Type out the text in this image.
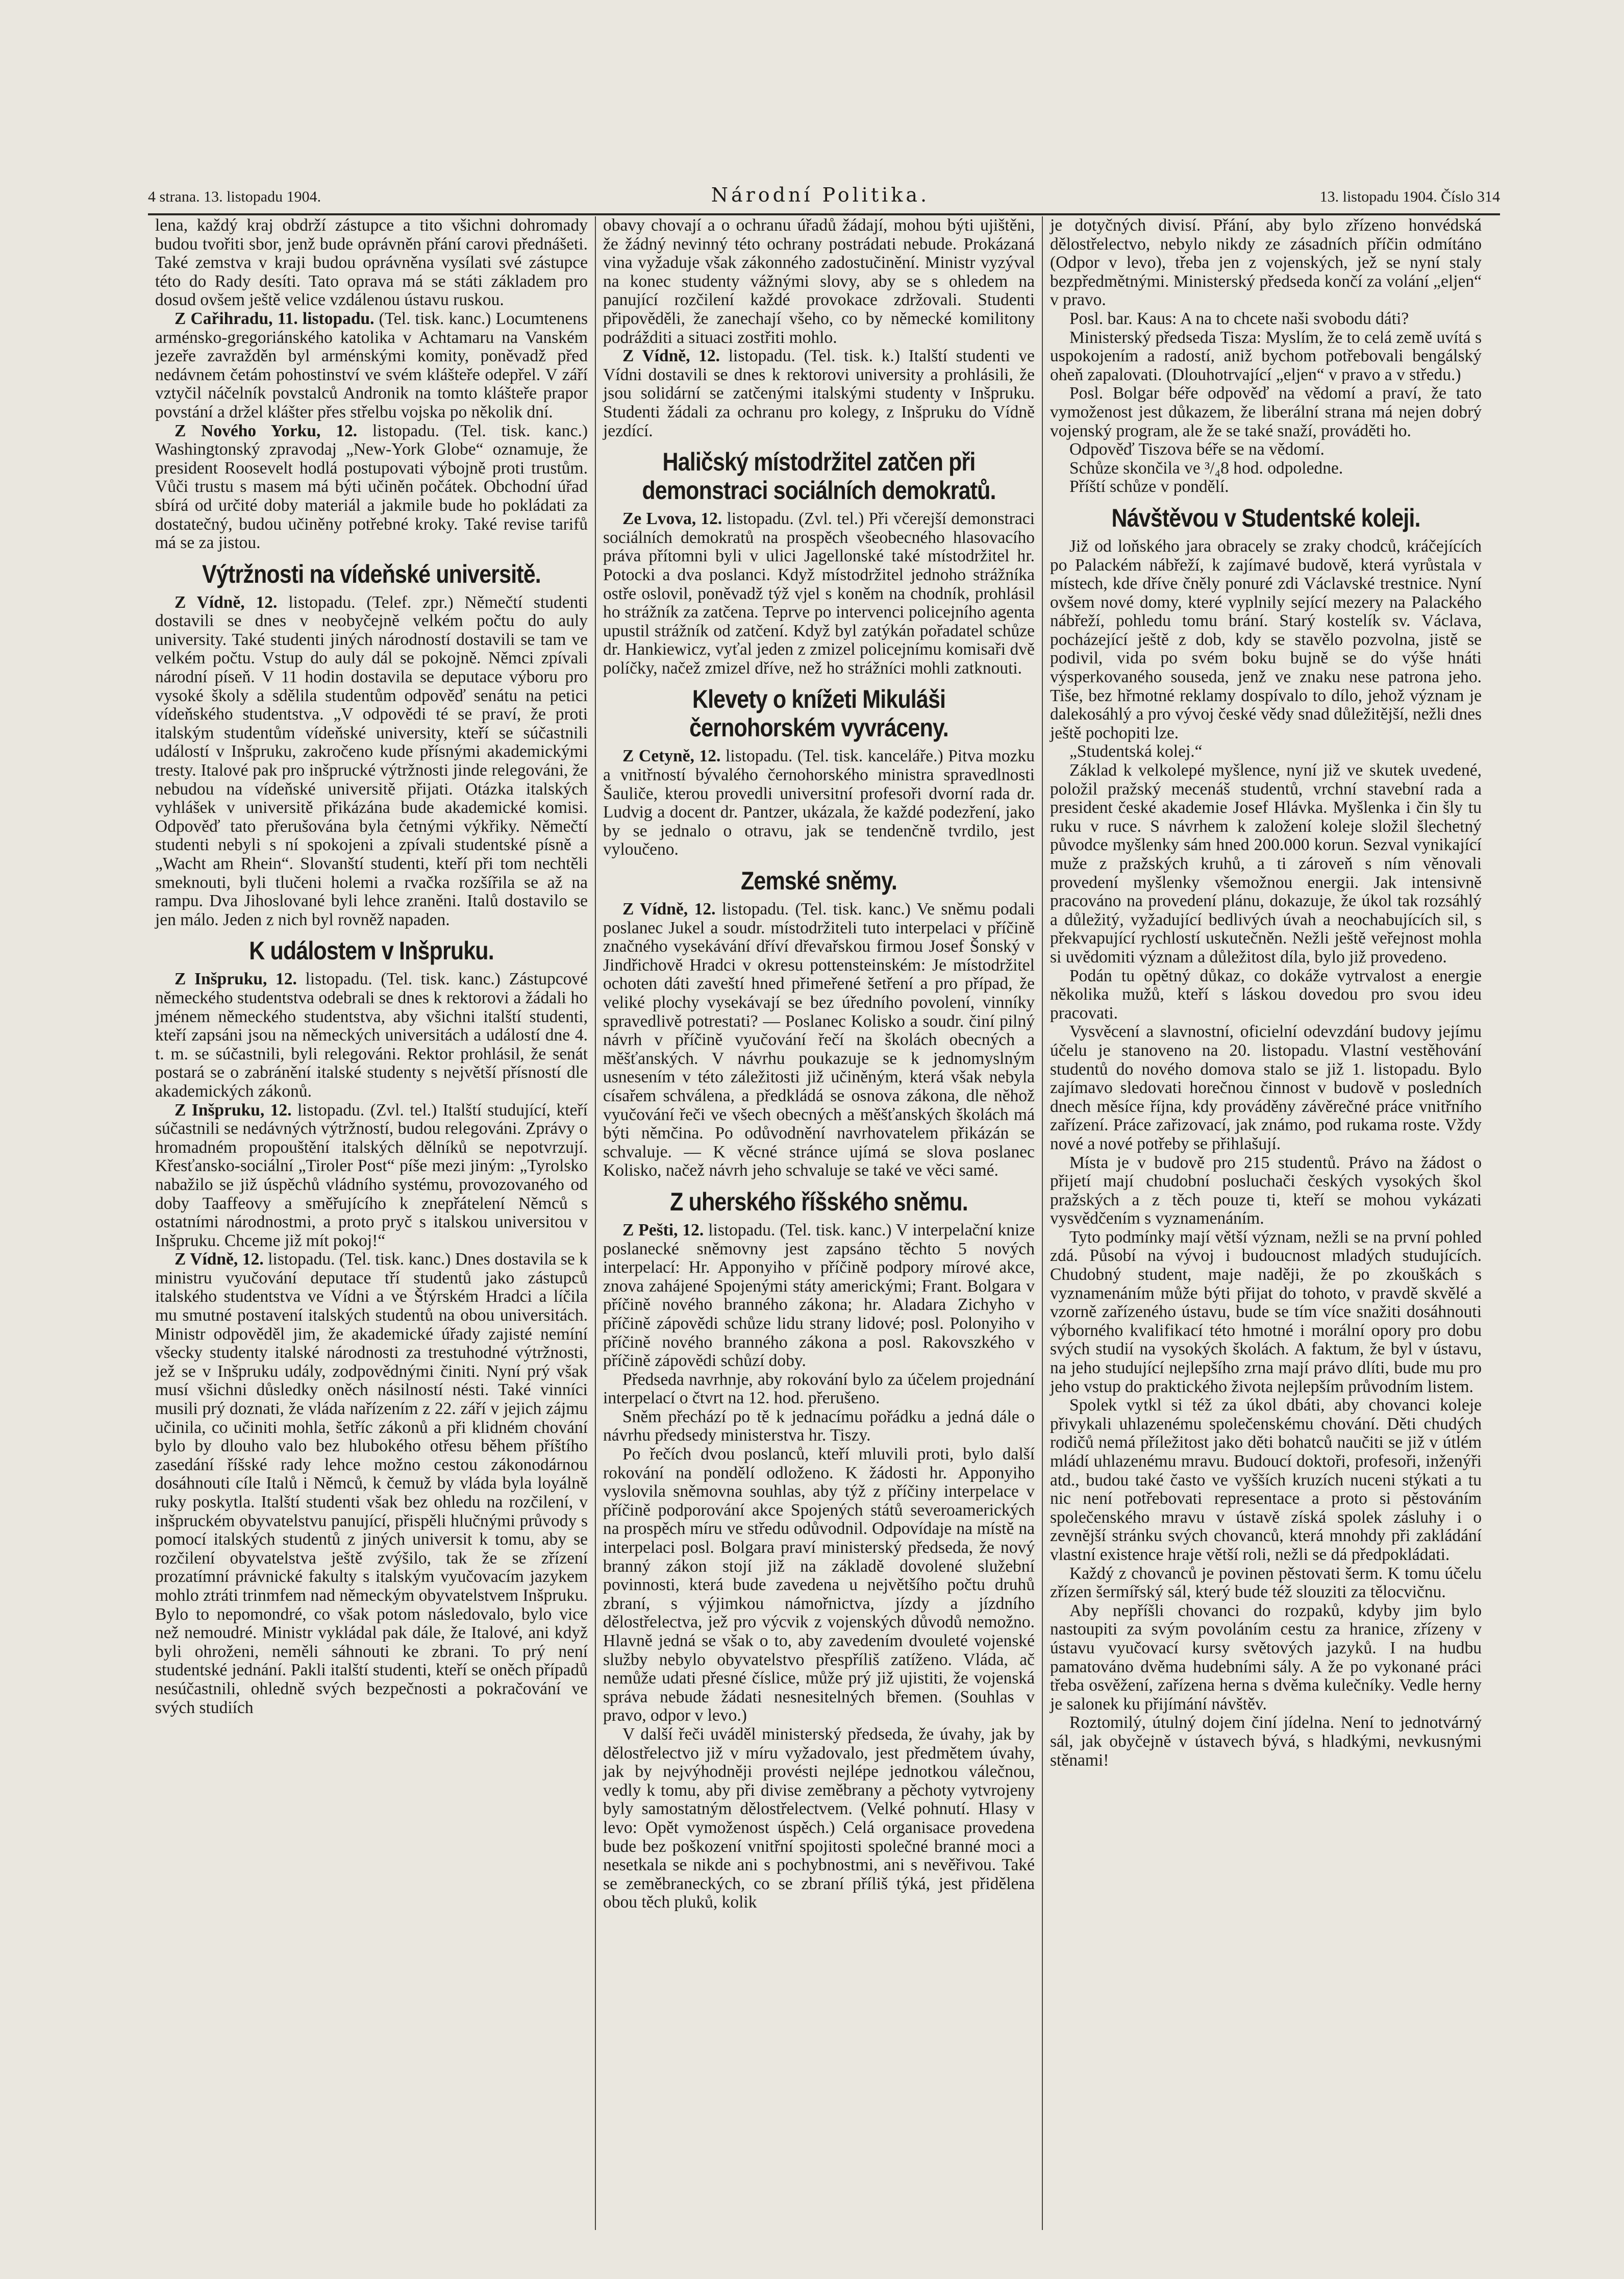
4 strana. 13. listopadu 1904.	Národní Politika.	13. listopadu 1904. Číslo 314

lena, každý kraj obdrží zástupce a tito všichni dohromady budou tvořiti sbor, jenž bude oprávněn přání carovi přednášeti. Také zemstva v kraji budou oprávněna vysílati své zástupce této do Rady desíti. Tato oprava má se státi základem pro dosud ovšem ještě velice vzdálenou ústavu ruskou.

Z Cařihradu, 11. listopadu. (Tel. tisk. kanc.) Locumtenens arménsko-gregoriánského katolika v Achtamaru na Vanském jezeře zavražděn byl arménskými komity, poněvadž před nedávnem četám pohostinství ve svém klášteře odepřel. V září vztyčil náčelník povstalců Andronik na tomto klášteře prapor povstání a držel klášter přes střelbu vojska po několik dní.

Z Nového Yorku, 12. listopadu. (Tel. tisk. kanc.) Washingtonský zpravodaj „New-York Globe“ oznamuje, že president Roosevelt hodlá postupovati výbojně proti trustům. Vůči trustu s masem má býti učiněn počátek. Obchodní úřad sbírá od určité doby materiál a jakmile bude ho pokládati za dostatečný, budou učiněny potřebné kroky. Také revise tarifů má se za jistou.

Výtržnosti na vídeňské universitě.

Z Vídně, 12. listopadu. (Telef. zpr.) Němečtí studenti dostavili se dnes v neobyčejně velkém počtu do auly university. Také studenti jiných národností dostavili se tam ve velkém počtu. Vstup do auly dál se pokojně. Němci zpívali národní píseň. V 11 hodin dostavila se deputace výboru pro vysoké školy a sdělila studentům odpověď senátu na petici vídeňského studentstva. „V odpovědi té se praví, že proti italským studentům vídeňské university, kteří se súčastnili událostí v Inšpruku, zakročeno kude přísnými akademickými tresty. Italové pak pro inšprucké výtržnosti jinde relegováni, že nebudou na vídeňské universitě přijati. Otázka italských vyhlášek v universitě přikázána bude akademické komisi. Odpověď tato přerušována byla četnými výkřiky. Němečtí studenti nebyli s ní spokojeni a zpívali studentské písně a „Wacht am Rhein“. Slovanští studenti, kteří při tom nechtěli smeknouti, byli tlučeni holemi a rvačka rozšířila se až na rampu. Dva Jihoslované byli lehce zraněni. Italů dostavilo se jen málo. Jeden z nich byl rovněž napaden.

K událostem v Inšpruku.

Z Inšpruku, 12. listopadu. (Tel. tisk. kanc.) Zástupcové německého studentstva odebrali se dnes k rektorovi a žádali ho jménem německého studentstva, aby všichni italští studenti, kteří zapsáni jsou na německých universitách a událostí dne 4. t. m. se súčastnili, byli relegováni. Rektor prohlásil, že senát postará se o zabránění italské studenty s největší přísností dle akademických zákonů.

Z Inšpruku, 12. listopadu. (Zvl. tel.) Italští studující, kteří súčastnili se nedávných výtržností, budou relegováni. Zprávy o hromadném propouštění italských dělníků se nepotvrzují. Křesťansko-sociální „Tiroler Post“ píše mezi jiným: „Tyrolsko nabažilo se již úspěchů vládního systému, provozovaného od doby Taaffeovy a směřujícího k znepřátelení Němců s ostatními národnostmi, a proto pryč s italskou universitou v Inšpruku. Chceme již mít pokoj!“

Z Vídně, 12. listopadu. (Tel. tisk. kanc.) Dnes dostavila se k ministru vyučování deputace tří studentů jako zástupců italského studentstva ve Vídni a ve Štýrském Hradci a líčila mu smutné postavení italských studentů na obou universitách. Ministr odpověděl jim, že akademické úřady zajisté nemíní všecky studenty italské národnosti za trestuhodné výtržnosti, jež se v Inšpruku udály, zodpovědnými činiti. Nyní prý však musí všichni důsledky oněch násilností nésti. Také vinníci musili prý doznati, že vláda nařízením z 22. září v jejich zájmu učinila, co učiniti mohla, šetříc zákonů a při klidném chování bylo by dlouho valo bez hlubokého otřesu během příštího zasedání říšské rady lehce možno cestou zákonodárnou dosáhnouti cíle Italů i Němců, k čemuž by vláda byla loyálně ruky poskytla. Italští studenti však bez ohledu na rozčilení, v inšpruckém obyvatelstvu panující, přispěli hlučnými průvody s pomocí italských studentů z jiných universit k tomu, aby se rozčilení obyvatelstva ještě zvýšilo, tak že se zřízení prozatímní právnické fakulty s italským vyučovacím jazykem mohlo ztráti trinmfem nad německým obyvatelstvem Inšpruku. Bylo to nepomondré, co však potom následovalo, bylo vice než nemoudré. Ministr vykládal pak dále, že Italové, ani když byli ohroženi, neměli sáhnouti ke zbrani. To prý není studentské jednání. Pakli italští studenti, kteří se oněch případů nesúčastnili, ohledně svých bezpečnosti a pokračování ve svých studiích

obavy chovají a o ochranu úřadů žádají, mohou býti ujištěni, že žádný nevinný této ochrany postrádati nebude. Prokázaná vina vyžaduje však zákonného zadostučinění. Ministr vyzýval na konec studenty vážnými slovy, aby se s ohledem na panující rozčilení každé provokace zdržovali. Studenti připověděli, že zanechají všeho, co by německé komilitony podrážditi a situaci zostřiti mohlo.

Z Vídně, 12. listopadu. (Tel. tisk. k.) Italští studenti ve Vídni dostavili se dnes k rektorovi university a prohlásili, že jsou solidární se zatčenými italskými studenty v Inšpruku. Studenti žádali za ochranu pro kolegy, z Inšpruku do Vídně jezdící.

Haličský místodržitel zatčen při demonstraci sociálních demokratů.

Ze Lvova, 12. listopadu. (Zvl. tel.) Při včerejší demonstraci sociálních demokratů na prospěch všeobecného hlasovacího práva přítomni byli v ulici Jagellonské také místodržitel hr. Potocki a dva poslanci. Když místodržitel jednoho strážníka ostře oslovil, poněvadž týž vjel s koněm na chodník, prohlásil ho strážník za zatčena. Teprve po intervenci policejního agenta upustil strážník od zatčení. Když byl zatýkán pořadatel schůze dr. Hankiewicz, vyťal jeden z zmizel policejnímu komisaři dvě políčky, načež zmizel dříve, než ho strážníci mohli zatknouti.

Klevety o knížeti Mikuláši černohorském vyvráceny.

Z Cetyně, 12. listopadu. (Tel. tisk. kanceláře.) Pitva mozku a vnitřností bývalého černohorského ministra spravedlnosti Šauliče, kterou provedli universitní profesoři dvorní rada dr. Ludvig a docent dr. Pantzer, ukázala, že každé podezření, jako by se jednalo o otravu, jak se tendenčně tvrdilo, jest vyloučeno.

Zemské sněmy.

Z Vídně, 12. listopadu. (Tel. tisk. kanc.) Ve sněmu podali poslanec Jukel a soudr. místodržiteli tuto interpelaci v příčině značného vysekávání dříví dřevařskou firmou Josef Šonský v Jindřichově Hradci v okresu pottensteinském: Je místodržitel ochoten dáti zaveští hned přimeřené šetření a pro případ, že veliké plochy vysekávají se bez úředního povolení, vinníky spravedlivě potrestati? — Poslanec Kolisko a soudr. činí pilný návrh v příčině vyučování řečí na školách obecných a měšťanských. V návrhu poukazuje se k jednomyslným usnesením v této záležitosti již učiněným, která však nebyla císařem schválena, a předkládá se osnova zákona, dle něhož vyučování řeči ve všech obecných a měšťanských školách má býti němčina. Po odůvodnění navrhovatelem přikázán se schvaluje. — K věcné stránce ujímá se slova poslanec Kolisko, načež návrh jeho schvaluje se také ve věci samé.

Z uherského říšského sněmu.

Z Pešti, 12. listopadu. (Tel. tisk. kanc.) V interpelační knize poslanecké sněmovny jest zapsáno těchto 5 nových interpelací: Hr. Apponyiho v příčině podpory mírové akce, znova zahájené Spojenými státy americkými; Frant. Bolgara v příčině nového branného zákona; hr. Aladara Zichyho v příčině zápovědi schůze lidu strany lidové; posl. Polonyiho v příčině nového branného zákona a posl. Rakovszkého v příčině zápovědi schůzí doby.

Předseda navrhnje, aby rokování bylo za účelem projednání interpelací o čtvrt na 12. hod. přerušeno.

Sněm přechází po tě k jednacímu pořádku a jedná dále o návrhu předsedy ministerstva hr. Tiszy.

Po řečích dvou poslanců, kteří mluvili proti, bylo další rokování na pondělí odloženo. K žádosti hr. Apponyiho vyslovila sněmovna souhlas, aby týž z příčiny interpelace v příčině podporování akce Spojených států severoamerických na prospěch míru ve středu odůvodnil. Odpovídaje na místě na interpelaci posl. Bolgara praví ministerský předseda, že nový branný zákon stojí již na základě dovolené služební povinnosti, která bude zavedena u největšího počtu druhů zbraní, s výjimkou námořnictva, jízdy a jízdního dělostřelectva, jež pro výcvik z vojenských důvodů nemožno. Hlavně jedná se však o to, aby zavedením dvouleté vojenské služby nebylo obyvatelstvo přespříliš zatíženo. Vláda, ač nemůže udati přesné číslice, může prý již ujistiti, že vojenská správa nebude žádati nesnesitelných břemen. (Souhlas v pravo, odpor v levo.)

V další řeči uváděl ministerský předseda, že úvahy, jak by dělostřelectvo již v míru vyžadovalo, jest předmětem úvahy, jak by nejvýhodněji provésti nejlépe jednotkou válečnou, vedly k tomu, aby při divise zeměbrany a pěchoty vytvrojeny byly samostatným dělostřelectvem. (Velké pohnutí. Hlasy v levo: Opět vymoženost úspěch.) Celá organisace provedena bude bez poškození vnitřní spojitosti společné branné moci a nesetkala se nikde ani s pochybnostmi, ani s nevěřivou. Také se zeměbraneckých, co se zbraní příliš týká, jest přidělena obou těch pluků, kolik

je dotyčných divisí. Přání, aby bylo zřízeno honvédská dělostřelectvo, nebylo nikdy ze zásadních příčin odmítáno (Odpor v levo), třeba jen z vojenských, jež se nyní staly bezpředmětnými. Ministerský předseda končí za volání „eljen“ v pravo.

Posl. bar. Kaus: A na to chcete naši svobodu dáti?

Ministerský předseda Tisza: Myslím, že to celá země uvítá s uspokojením a radostí, aniž bychom potřebovali bengálský oheň zapalovati. (Dlouhotrvající „eljen“ v pravo a v středu.)

Posl. Bolgar béře odpověď na vědomí a praví, že tato vymoženost jest důkazem, že liberální strana má nejen dobrý vojenský program, ale že se také snaží, prováděti ho.

Odpověď Tiszova béře se na vědomí.

Schůze skončila ve ³/₄8 hod. odpoledne.

Příští schůze v pondělí.

Návštěvou v Studentské koleji.

Již od loňského jara obracely se zraky chodců, kráčejících po Palackém nábřeží, k zajímavé budově, která vyrůstala v místech, kde dříve čněly ponuré zdi Václavské trestnice. Nyní ovšem nové domy, které vyplnily sející mezery na Palackého nábřeží, pohledu tomu brání. Starý kostelík sv. Václava, pocházející ještě z dob, kdy se stavělo pozvolna, jistě se podivil, vida po svém boku bujně se do výše hnáti výsperkovaného souseda, jenž ve znaku nese patrona jeho. Tiše, bez hřmotné reklamy dospívalo to dílo, jehož význam je dalekosáhlý a pro vývoj české vědy snad důležitější, nežli dnes ještě pochopiti lze.

„Studentská kolej.“

Základ k velkolepé myšlence, nyní již ve skutek uvedené, položil pražský mecenáš studentů, vrchní stavební rada a president české akademie Josef Hlávka. Myšlenka i čin šly tu ruku v ruce. S návrhem k založení koleje složil šlechetný původce myšlenky sám hned 200.000 korun. Sezval vynikající muže z pražských kruhů, a ti zároveň s ním věnovali provedení myšlenky všemožnou energii. Jak intensivně pracováno na provedení plánu, dokazuje, že úkol tak rozsáhlý a důležitý, vyžadující bedlivých úvah a neochabujících sil, s překvapující rychlostí uskutečněn. Nežli ještě veřejnost mohla si uvědomiti význam a důležitost díla, bylo již provedeno.

Podán tu opětný důkaz, co dokáže vytrvalost a energie několika mužů, kteří s láskou dovedou pro svou ideu pracovati.

Vysvěcení a slavnostní, oficielní odevzdání budovy jejímu účelu je stanoveno na 20. listopadu. Vlastní vestěhování studentů do nového domova stalo se již 1. listopadu. Bylo zajímavo sledovati horečnou činnost v budově v posledních dnech měsíce října, kdy prováděny závěrečné práce vnitřního zařízení. Práce zařizovací, jak známo, pod rukama roste. Vždy nové a nové potřeby se přihlašují.

Místa je v budově pro 215 studentů. Právo na žádost o přijetí mají chudobní posluchači českých vysokých škol pražských a z těch pouze ti, kteří se mohou vykázati vysvědčením s vyznamenáním.

Tyto podmínky mají větší význam, nežli se na první pohled zdá. Působí na vývoj i budoucnost mladých studujících. Chudobný student, maje naději, že po zkouškách s vyznamenáním může býti přijat do tohoto, v pravdě skvělé a vzorně zařízeného ústavu, bude se tím více snažiti dosáhnouti výborného kvalifikací této hmotné i morální opory pro dobu svých studií na vysokých školách. A faktum, že byl v ústavu, na jeho studující nejlepšího zrna mají právo dlíti, bude mu pro jeho vstup do praktického života nejlepším průvodním listem.

Spolek vytkl si též za úkol dbáti, aby chovanci koleje přivykali uhlazenému společenskému chování. Děti chudých rodičů nemá příležitost jako děti bohatců naučiti se již v útlém mládí uhlazenému mravu. Budoucí doktoři, profesoři, inženýři atd., budou také často ve vyšších kruzích nuceni stýkati a tu nic není potřebovati representace a proto si pěstováním společenského mravu v ústavě získá spolek zásluhy i o zevnější stránku svých chovanců, která mnohdy při zakládání vlastní existence hraje větší roli, nežli se dá předpokládati.

Každý z chovanců je povinen pěstovati šerm. K tomu účelu zřízen šermířský sál, který bude též slouziti za tělocvičnu.

Aby nepříšli chovanci do rozpaků, kdyby jim bylo nastoupiti za svým povoláním cestu za hranice, zřízeny v ústavu vyučovací kursy světových jazyků. I na hudbu pamatováno dvěma hudebními sály. A že po vykonané práci třeba osvěžení, zařízena herna s dvěma kulečníky. Vedle herny je salonek ku přijímání návštěv.

Roztomilý, útulný dojem činí jídelna. Není to jednotvárný sál, jak obyčejně v ústavech bývá, s hladkými, nevkusnými stěnami!
